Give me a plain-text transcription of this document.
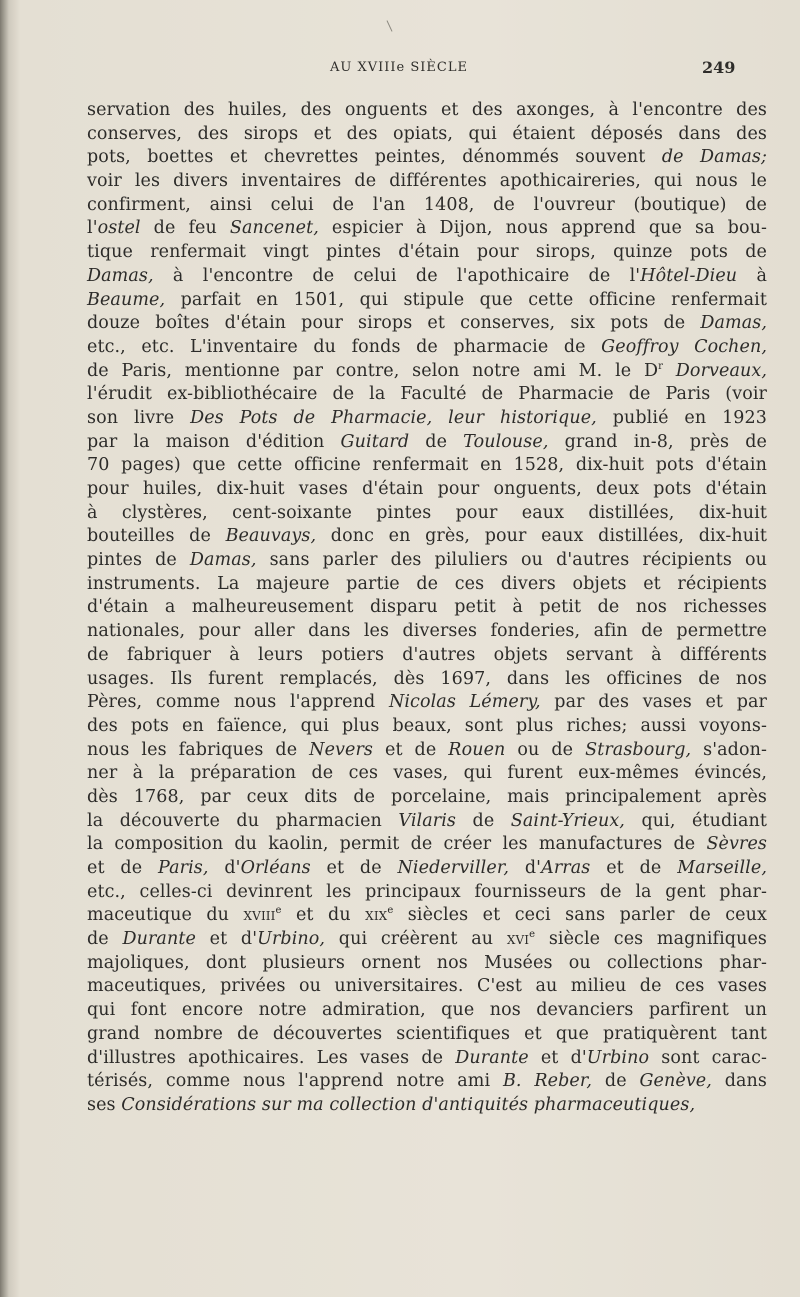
AU XVIIIe SIÈCLE	249
servation des huiles, des onguents et des axonges, à l'encontre des
conserves, des sirops et des opiats, qui étaient déposés dans des
pots, boettes et chevrettes peintes, dénommés souvent de Damas;
voir les divers inventaires de différentes apothicaireries, qui nous le
confirment, ainsi celui de l'an 1408, de l'ouvreur (boutique) de
l'ostel de feu Sancenet, espicier à Dijon, nous apprend que sa bou-
tique renfermait vingt pintes d'étain pour sirops, quinze pots de
Damas, à l'encontre de celui de l'apothicaire de l'Hôtel-Dieu à
Beaume, parfait en 1501, qui stipule que cette officine renfermait
douze boîtes d'étain pour sirops et conserves, six pots de Damas,
etc., etc. L'inventaire du fonds de pharmacie de Geoffroy Cochen,
de Paris, mentionne par contre, selon notre ami M. le $D^r$ Dorveaux,
l'érudit ex-bibliothécaire de la Faculté de Pharmacie de Paris (voir
son livre Des Pots de Pharmacie, leur historique, publié en 1923
par la maison d'édition Guitard de Toulouse, grand in-8, près de
70 pages) que cette officine renfermait en 1528, dix-huit pots d'étain
pour huiles, dix-huit vases d'étain pour onguents, deux pots d'étain
à clystères, cent-soixante pintes pour eaux distillées, dix-huit
bouteilles de Beauvays, donc en grès, pour eaux distillées, dix-huit
pintes de Damas, sans parler des piluliers ou d'autres récipients ou
instruments. La majeure partie de ces divers objets et récipients
d'étain a malheureusement disparu petit à petit de nos richesses
nationales, pour aller dans les diverses fonderies, afin de permettre
de fabriquer à leurs potiers d'autres objets servant à différents
usages. Ils furent remplacés, dès 1697, dans les officines de nos
Pères, comme nous l'apprend Nicolas Lémery, par des vases et par
des pots en faïence, qui plus beaux, sont plus riches; aussi voyons-
nous les fabriques de Nevers et de Rouen ou de Strasbourg, s'adon-
ner à la préparation de ces vases, qui furent eux-mêmes évincés,
dès 1768, par ceux dits de porcelaine, mais principalement après
la découverte du pharmacien Vilaris de Saint-Yrieux, qui, étudiant
la composition du kaolin, permit de créer les manufactures de Sèvres
et de Paris, d'Orléans et de Niederviller, d'Arras et de Marseille,
etc., celles-ci devinrent les principaux fournisseurs de la gent phar-
maceutique du xviii$^e$ et du xix$^e$ siècles et ceci sans parler de ceux
de Durante et d'Urbino, qui créèrent au xvi$^e$ siècle ces magnifiques
majoliques, dont plusieurs ornent nos Musées ou collections phar-
maceutiques, privées ou universitaires. C'est au milieu de ces vases
qui font encore notre admiration, que nos devanciers parfirent un
grand nombre de découvertes scientifiques et que pratiquèrent tant
d'illustres apothicaires. Les vases de Durante et d'Urbino sont carac-
térisés, comme nous l'apprend notre ami B. Reber, de Genève, dans
ses Considérations sur ma collection d'antiquités pharmaceutiques,
